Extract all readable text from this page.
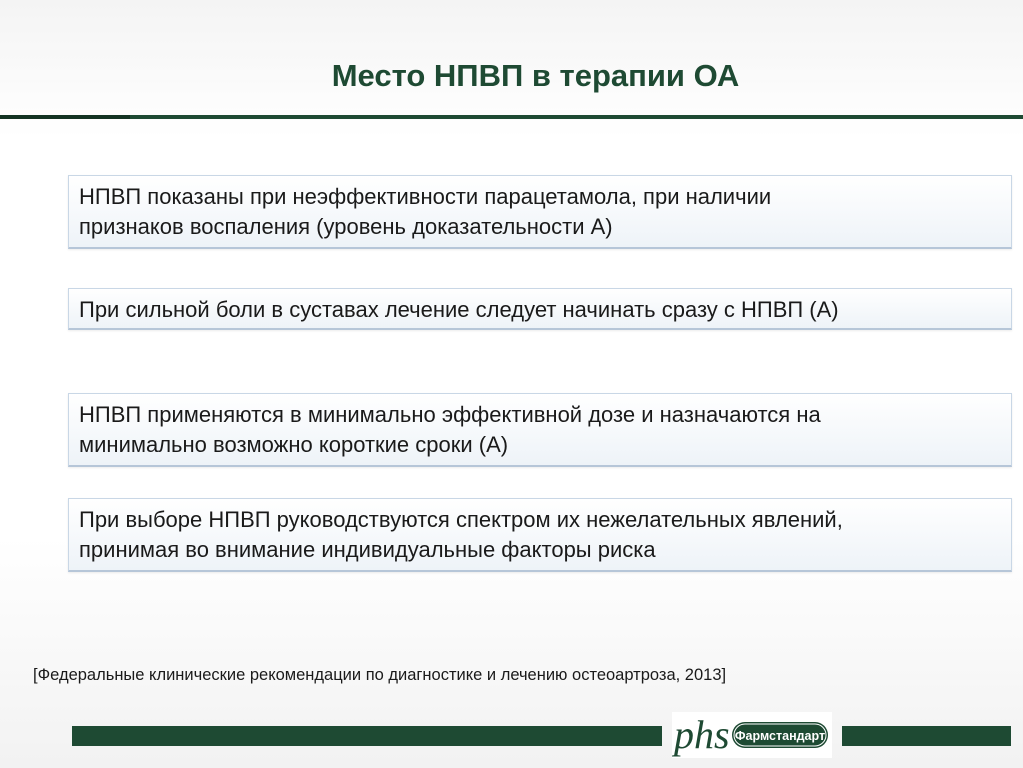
Место НПВП в терапии ОА
НПВП показаны при неэффективности парацетамола, при наличии
признаков воспаления (уровень доказательности А)
При сильной боли в суставах лечение следует начинать сразу с НПВП (А)
НПВП применяются в минимально эффективной дозе и назначаются на
минимально возможно короткие сроки (А)
При выборе НПВП руководствуются спектром их нежелательных явлений,
принимая во внимание индивидуальные факторы риска
[Федеральные клинические рекомендации по диагностике и лечению остеоартроза, 2013]
phs Фармстандарт
